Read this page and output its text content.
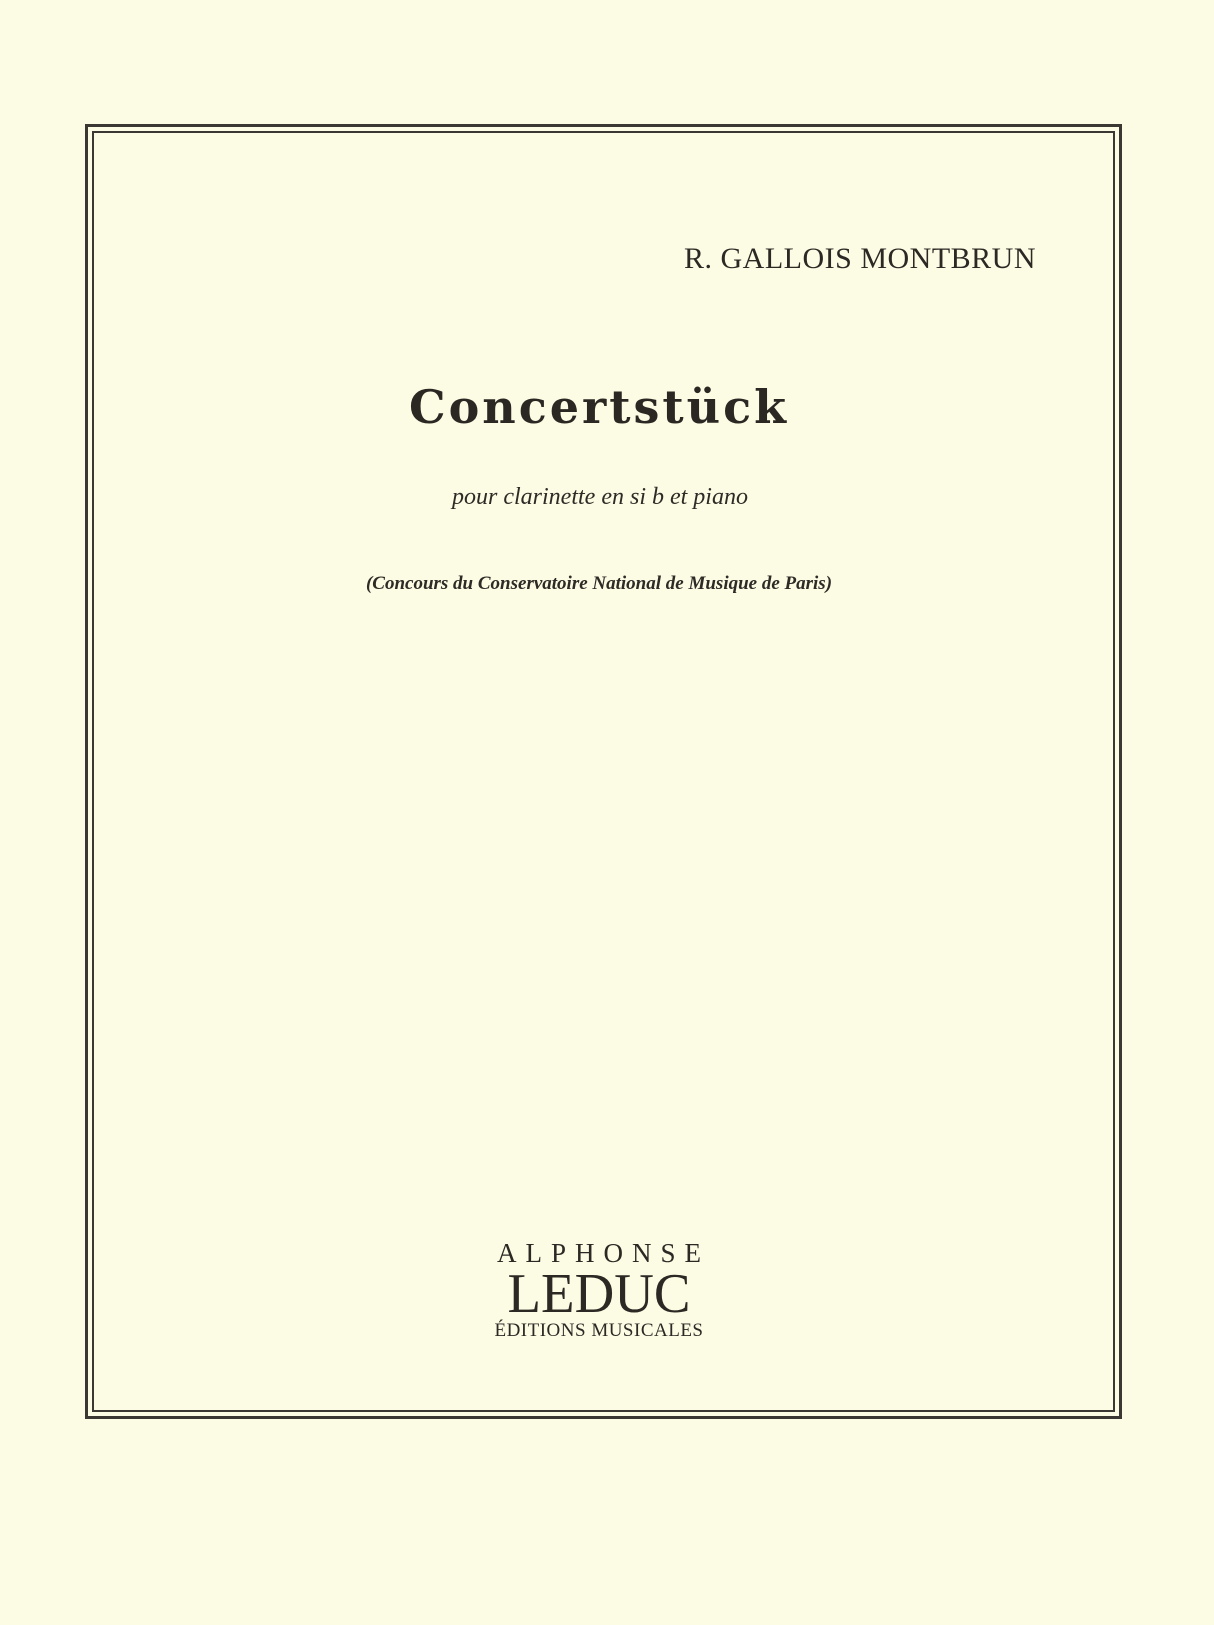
R. GALLOIS MONTBRUN
Concertstück
pour clarinette en si b et piano
(Concours du Conservatoire National de Musique de Paris)
ALPHONSE
LEDUC
ÉDITIONS MUSICALES
